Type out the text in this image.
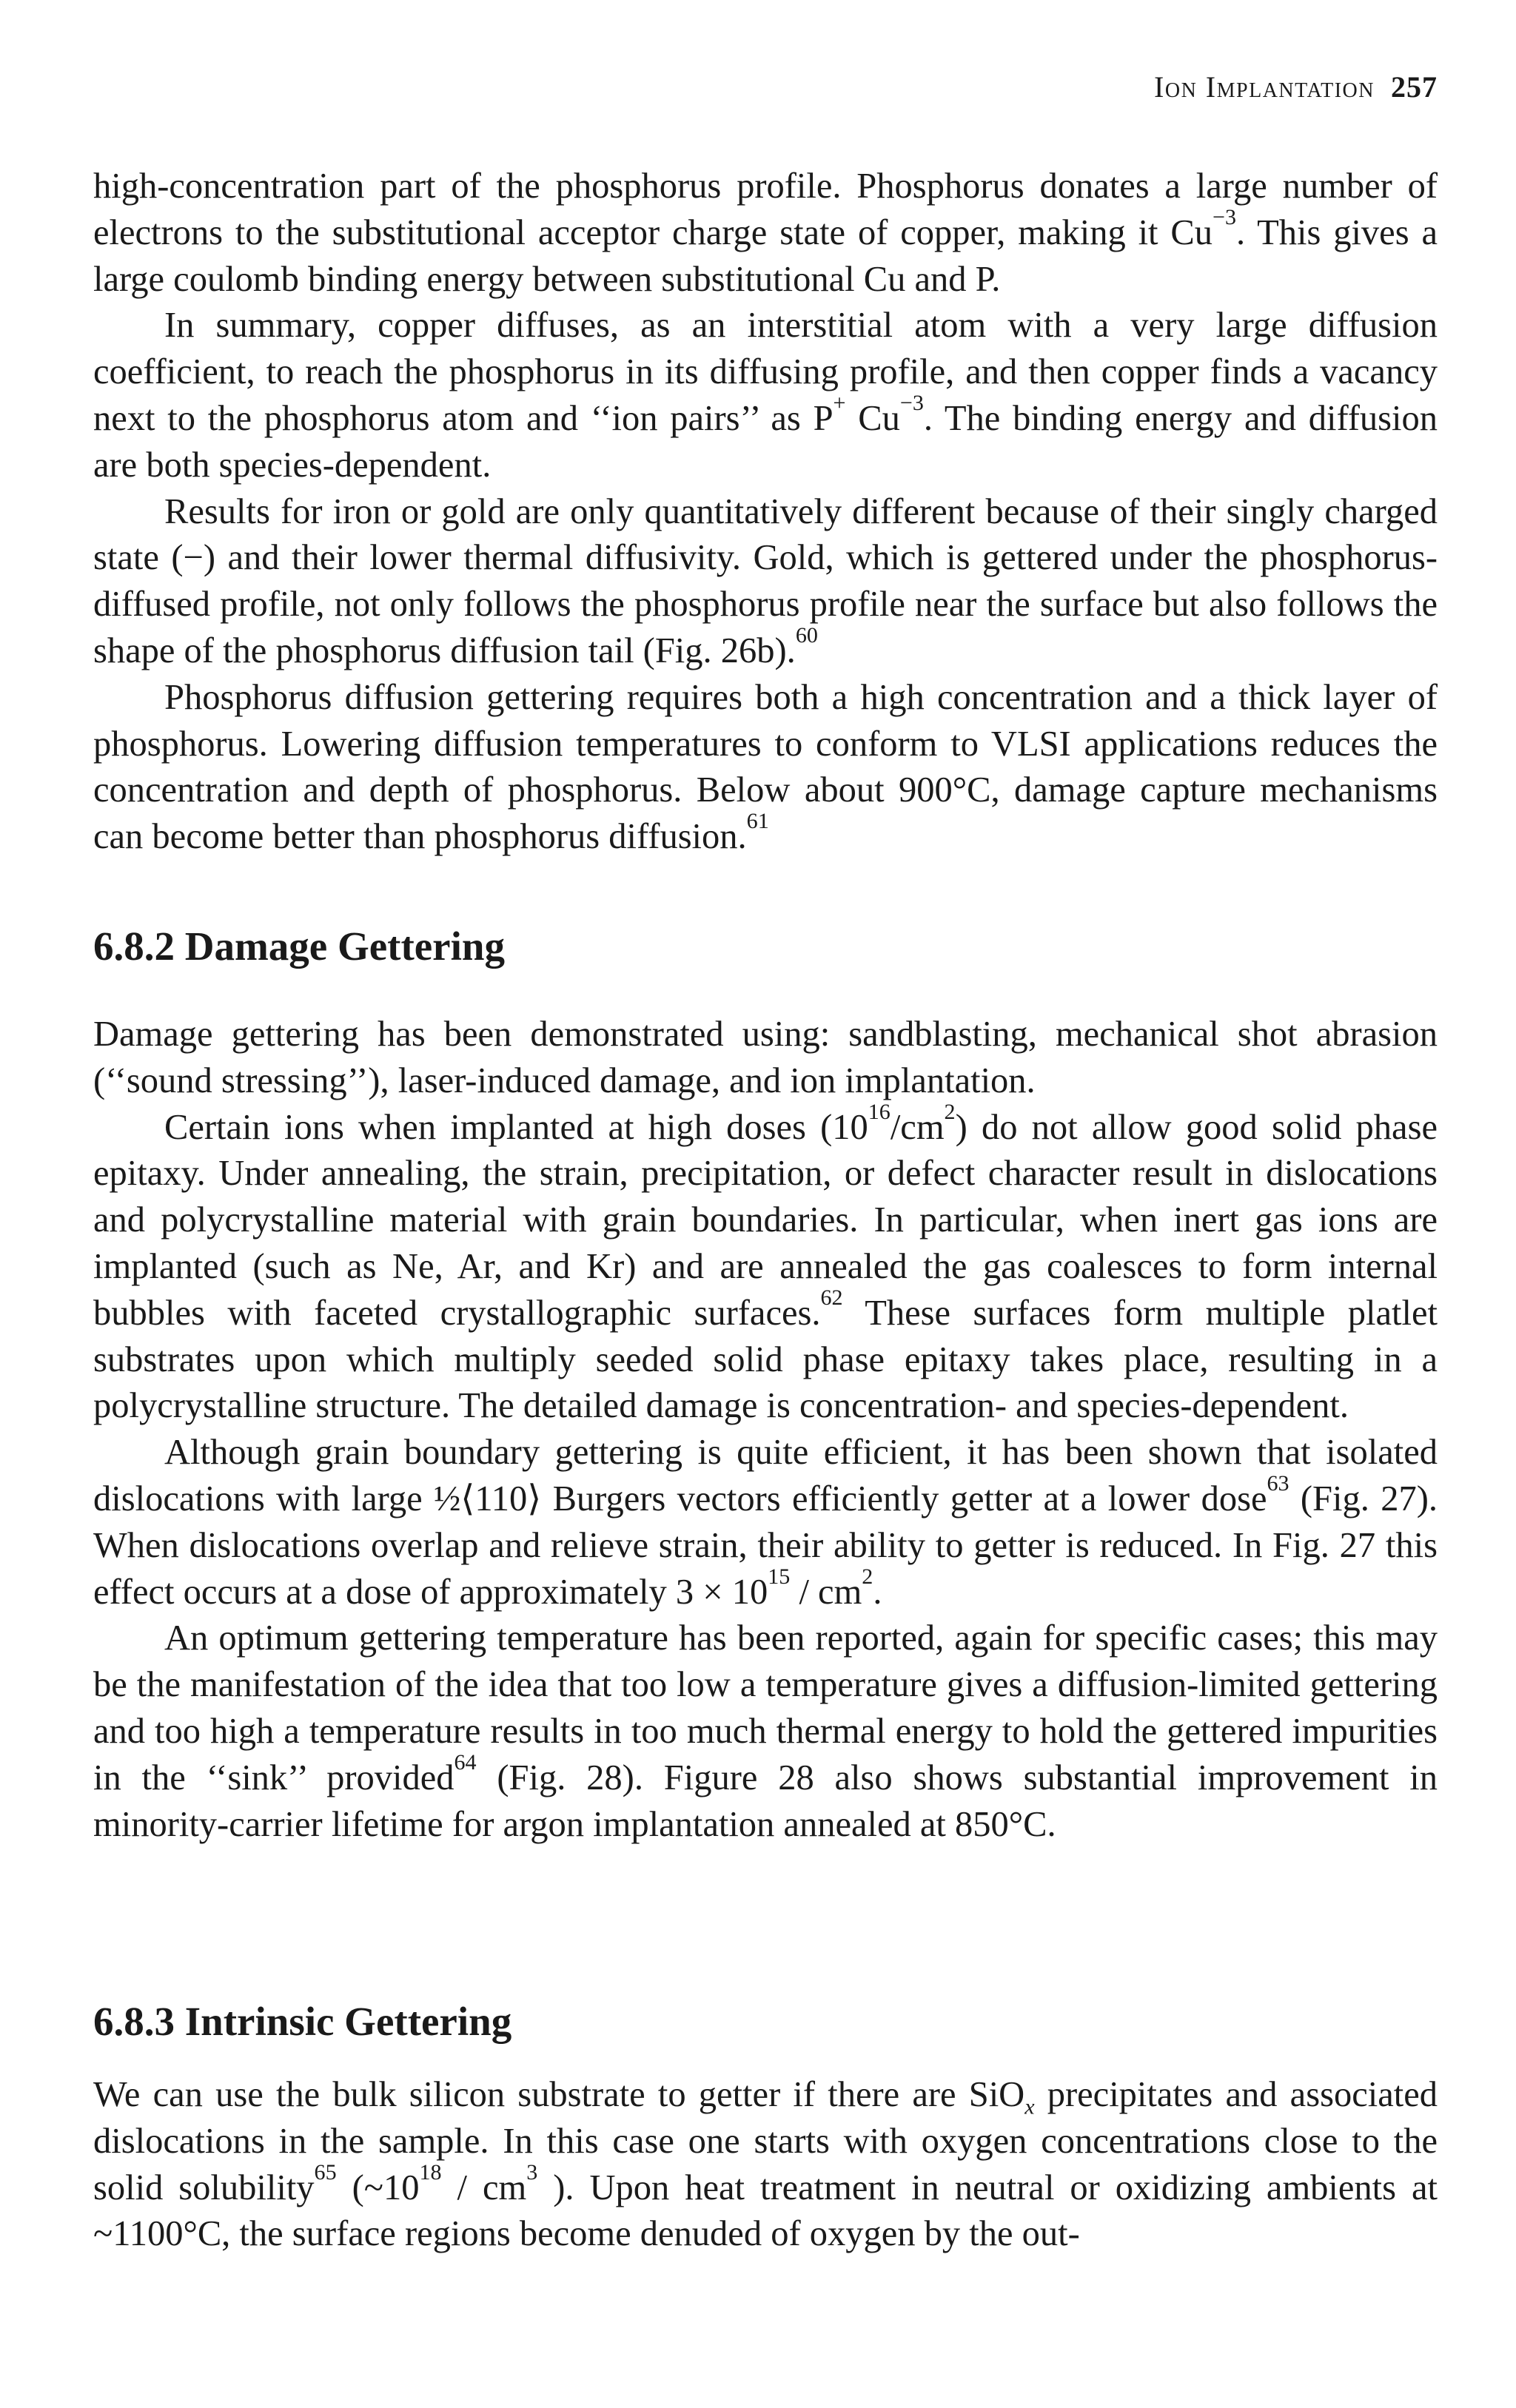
Ion Implantation 257

high-concentration part of the phosphorus profile. Phosphorus donates a large number of electrons to the substitutional acceptor charge state of copper, making it $Cu^{-3}$. This gives a large coulomb binding energy between substitutional Cu and P.

In summary, copper diffuses, as an interstitial atom with a very large diffusion coefficient, to reach the phosphorus in its diffusing profile, and then copper finds a vacancy next to the phosphorus atom and ‘‘ion pairs’’ as P+ $Cu^{-3}$. The binding energy and diffusion are both species-dependent.

Results for iron or gold are only quantitatively different because of their singly charged state (−) and their lower thermal diffusivity. Gold, which is gettered under the phosphorus-diffused profile, not only follows the phosphorus profile near the surface but also follows the shape of the phosphorus diffusion tail (Fig. 26b).$^{60}$

Phosphorus diffusion gettering requires both a high concentration and a thick layer of phosphorus. Lowering diffusion temperatures to conform to VLSI applications reduces the concentration and depth of phosphorus. Below about 900°C, damage capture mechanisms can become better than phosphorus diffusion.$^{61}$

6.8.2 Damage Gettering

Damage gettering has been demonstrated using: sandblasting, mechanical shot abrasion (‘‘sound stressing’’), laser-induced damage, and ion implantation.

Certain ions when implanted at high doses $(10^{16}/cm^2)$ do not allow good solid phase epitaxy. Under annealing, the strain, precipitation, or defect character result in dislocations and polycrystalline material with grain boundaries. In particular, when inert gas ions are implanted (such as Ne, Ar, and Kr) and are annealed the gas coalesces to form internal bubbles with faceted crystallographic surfaces.$^{62}$ These surfaces form multiple platlet substrates upon which multiply seeded solid phase epitaxy takes place, resulting in a polycrystalline structure. The detailed damage is concentration- and species-dependent.

Although grain boundary gettering is quite efficient, it has been shown that isolated dislocations with large ½⟨110⟩ Burgers vectors efficiently getter at a lower dose$^{63}$ (Fig. 27). When dislocations overlap and relieve strain, their ability to getter is reduced. In Fig. 27 this effect occurs at a dose of approximately $3 \times 10^{15} / cm^2$.

An optimum gettering temperature has been reported, again for specific cases; this may be the manifestation of the idea that too low a temperature gives a diffusion-limited gettering and too high a temperature results in too much thermal energy to hold the gettered impurities in the ‘‘sink’’ provided$^{64}$ (Fig. 28). Figure 28 also shows substantial improvement in minority-carrier lifetime for argon implantation annealed at 850°C.

6.8.3 Intrinsic Gettering

We can use the bulk silicon substrate to getter if there are SiO$_x$ precipitates and associated dislocations in the sample. In this case one starts with oxygen concentrations close to the solid solubility$^{65}$ ($\sim 10^{18} / cm^3$ ). Upon heat treatment in neutral or oxidizing ambients at ~1100°C, the surface regions become denuded of oxygen by the out-
